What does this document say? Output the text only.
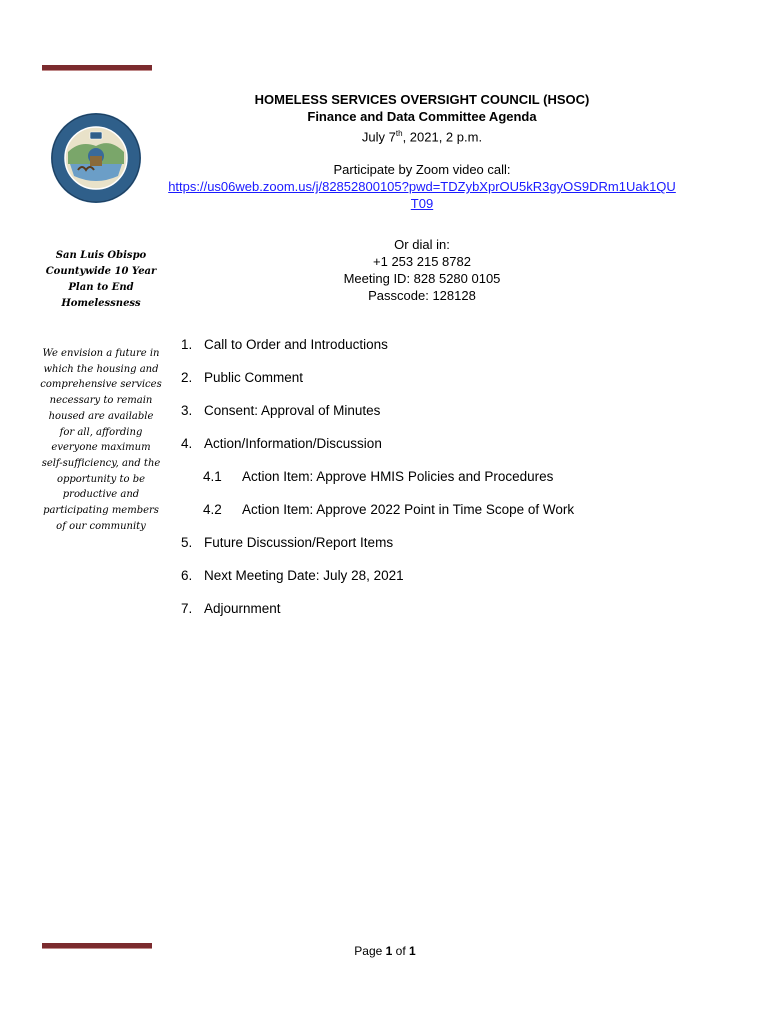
San Luis Obispo Countywide 10 Year Plan to End Homelessness
We envision a future in which the housing and comprehensive services necessary to remain housed are available for all, affording everyone maximum self-sufficiency, and the opportunity to be productive and participating members of our community
HOMELESS SERVICES OVERSIGHT COUNCIL (HSOC)
Finance and Data Committee Agenda
July 7th, 2021, 2 p.m.
Participate by Zoom video call:
https://us06web.zoom.us/j/82852800105?pwd=TDZybXprOU5kR3gyOS9DRm1Uak1QUT09
Or dial in:
+1 253 215 8782
Meeting ID: 828 5280 0105
Passcode: 128128
1. Call to Order and Introductions
2. Public Comment
3. Consent: Approval of Minutes
4. Action/Information/Discussion
4.1	Action Item: Approve HMIS Policies and Procedures
4.2	Action Item: Approve 2022 Point in Time Scope of Work
5. Future Discussion/Report Items
6. Next Meeting Date: July 28, 2021
7. Adjournment
Page 1 of 1
